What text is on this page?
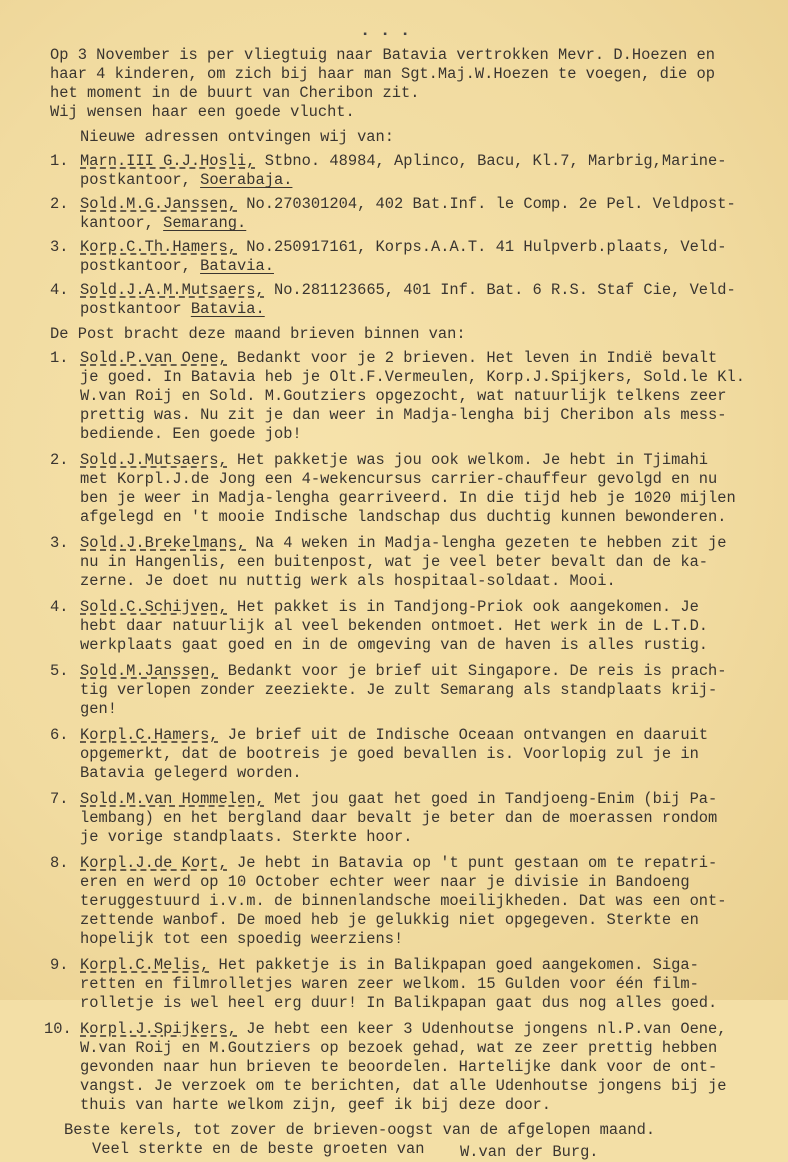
▪ ▪ ▪
Op 3 November is per vliegtuig naar Batavia vertrokken Mevr. D.Hoezen en
haar 4 kinderen, om zich bij haar man Sgt.Maj.W.Hoezen te voegen, die op
het moment in de buurt van Cheribon zit.
Wij wensen haar een goede vlucht.
Nieuwe adressen ontvingen wij van:
1. Marn.III G.J.Hosli, Stbno. 48984, Aplinco, Bacu, Kl.7, Marbrig,Marine-
postkantoor, Soerabaja.
2. Sold.M.G.Janssen, No.270301204, 402 Bat.Inf. le Comp. 2e Pel. Veldpost-
kantoor, Semarang.
3. Korp.C.Th.Hamers, No.250917161, Korps.A.A.T. 41 Hulpverb.plaats, Veld-
postkantoor, Batavia.
4. Sold.J.A.M.Mutsaers, No.281123665, 401 Inf. Bat. 6 R.S. Staf Cie, Veld-
postkantoor Batavia.
De Post bracht deze maand brieven binnen van:
1. Sold.P.van Oene, Bedankt voor je 2 brieven. Het leven in Indië bevalt
je goed. In Batavia heb je Olt.F.Vermeulen, Korp.J.Spijkers, Sold.le Kl.
W.van Roij en Sold. M.Goutziers opgezocht, wat natuurlijk telkens zeer
prettig was. Nu zit je dan weer in Madja-lengha bij Cheribon als mess-
bediende. Een goede job!
2. Sold.J.Mutsaers, Het pakketje was jou ook welkom. Je hebt in Tjimahi
met Korpl.J.de Jong een 4-wekencursus carrier-chauffeur gevolgd en nu
ben je weer in Madja-lengha gearriveerd. In die tijd heb je 1020 mijlen
afgelegd en 't mooie Indische landschap dus duchtig kunnen bewonderen.
3. Sold.J.Brekelmans, Na 4 weken in Madja-lengha gezeten te hebben zit je
nu in Hangenlis, een buitenpost, wat je veel beter bevalt dan de ka-
zerne. Je doet nu nuttig werk als hospitaal-soldaat. Mooi.
4. Sold.C.Schijven, Het pakket is in Tandjong-Priok ook aangekomen. Je
hebt daar natuurlijk al veel bekenden ontmoet. Het werk in de L.T.D.
werkplaats gaat goed en in de omgeving van de haven is alles rustig.
5. Sold.M.Janssen, Bedankt voor je brief uit Singapore. De reis is prach-
tig verlopen zonder zeeziekte. Je zult Semarang als standplaats krij-
gen!
6. Korpl.C.Hamers, Je brief uit de Indische Oceaan ontvangen en daaruit
opgemerkt, dat de bootreis je goed bevallen is. Voorlopig zul je in
Batavia gelegerd worden.
7. Sold.M.van Hommelen, Met jou gaat het goed in Tandjoeng-Enim (bij Pa-
lembang) en het bergland daar bevalt je beter dan de moerassen rondom
je vorige standplaats. Sterkte hoor.
8. Korpl.J.de Kort, Je hebt in Batavia op 't punt gestaan om te repatri-
eren en werd op 10 October echter weer naar je divisie in Bandoeng
teruggestuurd i.v.m. de binnenlandsche moeilijkheden. Dat was een ont-
zettende wanbof. De moed heb je gelukkig niet opgegeven. Sterkte en
hopelijk tot een spoedig weerziens!
9. Korpl.C.Melis, Het pakketje is in Balikpapan goed aangekomen. Siga-
retten en filmrolletjes waren zeer welkom. 15 Gulden voor één film-
rolletje is wel heel erg duur! In Balikpapan gaat dus nog alles goed.
10. Korpl.J.Spijkers, Je hebt een keer 3 Udenhoutse jongens nl.P.van Oene,
W.van Roij en M.Goutziers op bezoek gehad, wat ze zeer prettig hebben
gevonden naar hun brieven te beoordelen. Hartelijke dank voor de ont-
vangst. Je verzoek om te berichten, dat alle Udenhoutse jongens bij je
thuis van harte welkom zijn, geef ik bij deze door.
Beste kerels, tot zover de brieven-oogst van de afgelopen maand.
Veel sterkte en de beste groeten van W.van der Burg.
